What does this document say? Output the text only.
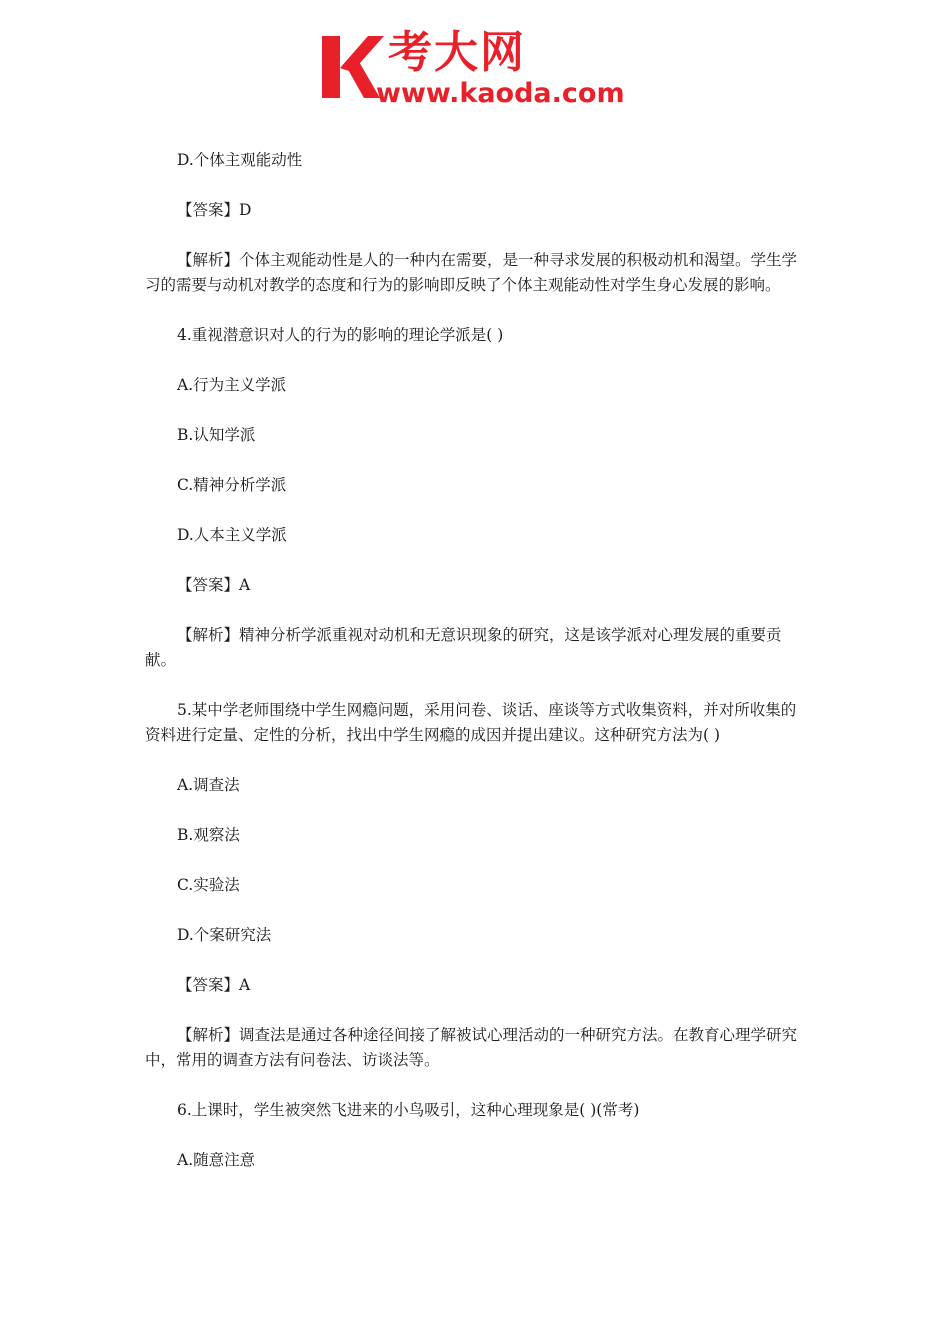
考大网
www.kaoda.com

D.个体主观能动性

【答案】D

【解析】个体主观能动性是人的一种内在需要，是一种寻求发展的积极动机和渴望。学生学习的需要与动机对教学的态度和行为的影响即反映了个体主观能动性对学生身心发展的影响。

4.重视潜意识对人的行为的影响的理论学派是( )

A.行为主义学派

B.认知学派

C.精神分析学派

D.人本主义学派

【答案】A

【解析】精神分析学派重视对动机和无意识现象的研究，这是该学派对心理发展的重要贡献。

5.某中学老师围绕中学生网瘾问题，采用问卷、谈话、座谈等方式收集资料，并对所收集的资料进行定量、定性的分析，找出中学生网瘾的成因并提出建议。这种研究方法为( )

A.调查法

B.观察法

C.实验法

D.个案研究法

【答案】A

【解析】调查法是通过各种途径间接了解被试心理活动的一种研究方法。在教育心理学研究中，常用的调查方法有问卷法、访谈法等。

6.上课时，学生被突然飞进来的小鸟吸引，这种心理现象是( )(常考)

A.随意注意
